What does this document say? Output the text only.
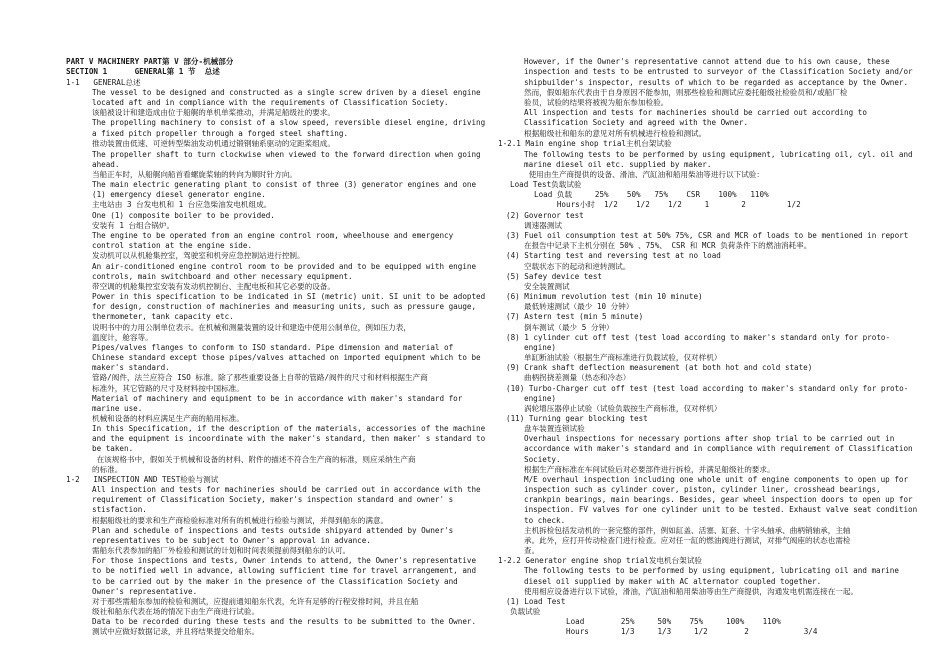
PART V MACHINERY PART第 V 部分-机械部分
SECTION 1      GENERAL第 1 节  总述
1-1   GENERAL总述
The vessel to be designed and constructed as a single screw driven by a diesel engine
located aft and in compliance with the requirements of Classification Society.
该船被设计和建造成由位于船艉的单机单桨推动，并满足船级社的要求。
The propelling machinery to consist of a slow speed, reversible diesel engine, driving
a fixed pitch propeller through a forged steel shafting.
推动装置由低速、可逆转型柴油发动机通过锻钢轴系驱动的定距桨组成。
The propeller shaft to turn clockwise when viewed to the forward direction when going
ahead.
当船正车时，从船艉向船首看螺旋桨轴的转向为顺时针方向。
The main electric generating plant to consist of three (3) generator engines and one
(1) emergency diesel generator engine.
主电站由 3 台发电机和 1 台应急柴油发电机组成。
One (1) composite boiler to be provided.
安装有 1 台组合锅炉。
The engine to be operated from an engine control room, wheelhouse and emergency
control station at the engine side.
发动机可以从机舱集控室，驾驶室和机旁应急控制站进行控制。
An air-conditioned engine control room to be provided and to be equipped with engine
controls, main switchboard and other necessary equipment.
带空调的机舱集控室安装有发动机控制台、主配电板和其它必要的设备。
Power in this specification to be indicated in SI (metric) unit. SI unit to be adopted
for design, construction of machineries and measuring units, such as pressure gauge,
thermometer, tank capacity etc.
说明书中的力用公制单位表示。在机械和测量装置的设计和建造中使用公制单位，例如压力表，
温度计，舱容等。
Pipes/valves flanges to conform to ISO standard. Pipe dimension and material of
Chinese standard except those pipes/valves attached on imported equipment which to be
maker's standard.
管路/阀件，法兰应符合 ISO 标准。除了那些重要设备上自带的管路/阀件的尺寸和材料根据生产商
标准外，其它管路的尺寸及材料按中国标准。
Material of machinery and equipment to be in accordance with maker's standard for
marine use.
机械和设备的材料应满足生产商的船用标准。
In this Specification, if the description of the materials, accessories of the machine
and the equipment is incoordinate with the maker's standard, then maker' s standard to
be taken.
在该规格书中，假如关于机械和设备的材料、附件的描述不符合生产商的标准，则应采纳生产商
的标准。
1-2   INSPECTION AND TEST检验与测试
All inspection and tests for machineries should be carried out in accordance with the
requirement of Classification Society, maker's inspection standard and owner' s
stisfaction.
根据船级社的要求和生产商检验标准对所有的机械进行检验与测试，并得到船东的满意。
Plan and schedule of inspections and tests outside shipyard attended by Owner's
representatives to be subject to Owner's approval in advance.
需船东代表参加的船厂外检验和测试的计划和时间表须提前得到船东的认可。
For those inspections and tests, Owner intends to attend, the Owner's representative
to be notified well in advance, allowing sufficient time for travel arrangement, and
to be carried out by the maker in the presence of the Classification Society and
Owner's representative.
对于那些需船东参加的检验和测试，应提前通知船东代表，允许有足够的行程安排时间，并且在船
级社和船东代表在场的情况下由生产商进行试验。
Data to be recorded during these tests and the results to be submitted to the Owner.
测试中应做好数据记录，并且将结果提交给船东。
However, if the Owner's representative cannot attend due to his own cause, these
inspection and tests to be entrusted to surveyor of the Classification Society and/or
shipbuilder's inspector, results of which to be regarded as acceptance by the Owner.
然而，假如船东代表由于自身原因不能参加，则那些检验和测试应委托船级社检验员和/或船厂检
验员，试验的结果将被视为船东参加检验。
All inspection and tests for machineries should be carried out according to
Classification Society and agreed with the Owner.
根据船级社和船东的意见对所有机械进行检验和测试。
1-2.1 Main engine shop trial主机台架试验
The following tests to be performed by using equipment, lubricating oil, cyl. oil and
marine diesel oil etc. supplied by maker.
使用由生产商提供的设备、滑油、汽缸油和船用柴油等进行以下试验：
Load Test负载试验
Load 负载     25%    50%   75%    CSR    100%   110%
Hours小时  1/2    1/2    1/2     1       2         1/2
(2) Governor test
调速器测试
(3) Fuel oil consumption test at 50% 75%, CSR and MCR of loads to be mentioned in report
在报告中记录下主机分别在 50% 、75%、 CSR 和 MCR 负荷条件下的燃油消耗率。
(4) Starting test and reversing test at no load
空载状态下的起动和逆转测试。
(5) Safey device test
安全装置测试
(6) Minimum revolution test (min 10 minute)
最低转速测试（最少 10 分钟）
(7) Astern test (min 5 minute)
倒车测试（最少 5 分钟）
(8) 1 cylinder cut off test (test load according to maker's standard only for proto-
engine)
单缸断油试验（根据生产商标准进行负载试验，仅对样机）
(9) Crank shaft deflection measurement (at both hot and cold state)
曲柄拐挠差测量（热态和冷态）
(10) Turbo-Charger cut off test (test load according to maker's standard only for proto-
engine)
涡轮增压器停止试验（试验负载按生产商标准，仅对样机）
(11) Turning gear blocking test
盘车装置连锁试验
Overhaul inspections for necessary portions after shop trial to be carried out in
accordance with maker's standard and in compliance with requirement of Classification
Society.
根据生产商标准在车间试验后对必要部件进行拆检，并满足船级社的要求。
M/E overhaul inspection including one whole unit of engine components to open up for
inspection such as cylinder cover, piston, cylinder liner, crosshead bearings,
crankpin bearings, main bearings. Besides, gear wheel inspection doors to open up for
inspection. FV valves for one cylinder unit to be tested. Exhaust valve seat condition
to check.
主机拆检包括发动机的一套完整的部件，例如缸盖、活塞、缸套、十字头轴承、曲柄销轴承，主轴
承。此外，应打开传动检查门进行检查。应对任一缸的燃油阀进行测试，对排气阀座的状态也需检
查。
1-2.2 Generator engine shop trial发电机台架试验
The following tests to be performed by using equipment, lubricating oil and marine
diesel oil supplied by maker with AC alternator coupled together.
使用相应设备进行以下试验，滑油，汽缸油和船用柴油等由生产商提供，沟通发电机需连接在一起。
(1) Load Test
负载试验
Load        25%     50%    75%     100%    110%
Hours       1/3     1/3     1/2        2            3/4
